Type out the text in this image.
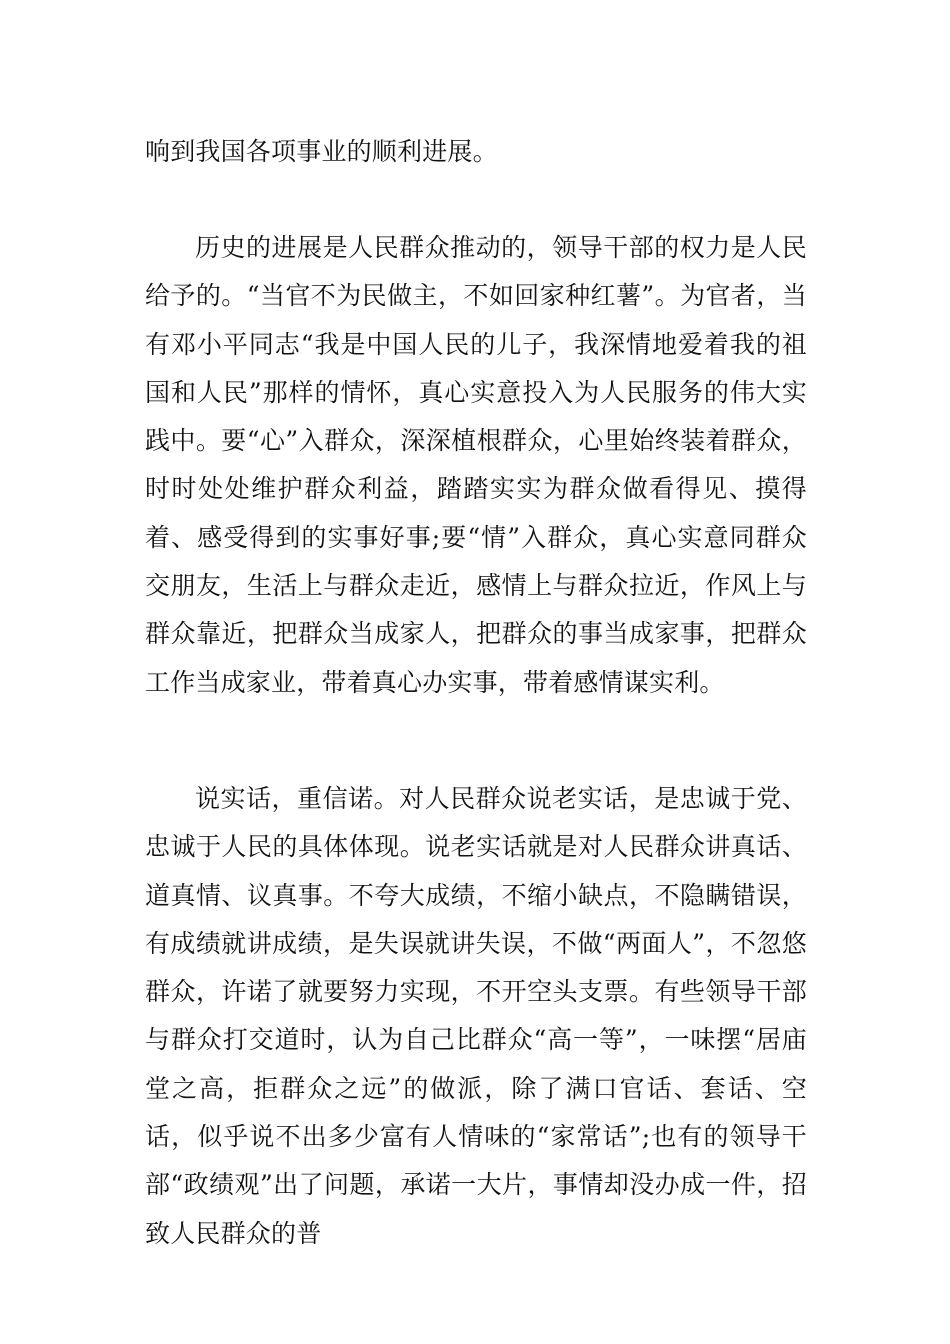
响到我国各项事业的顺利进展。

历史的进展是人民群众推动的，领导干部的权力是人民给予的。“当官不为民做主，不如回家种红薯”。为官者，当有邓小平同志“我是中国人民的儿子，我深情地爱着我的祖国和人民”那样的情怀，真心实意投入为人民服务的伟大实践中。要“心”入群众，深深植根群众，心里始终装着群众，时时处处维护群众利益，踏踏实实为群众做看得见、摸得着、感受得到的实事好事;要“情”入群众，真心实意同群众交朋友，生活上与群众走近，感情上与群众拉近，作风上与群众靠近，把群众当成家人，把群众的事当成家事，把群众工作当成家业，带着真心办实事，带着感情谋实利。

说实话，重信诺。对人民群众说老实话，是忠诚于党、忠诚于人民的具体体现。说老实话就是对人民群众讲真话、道真情、议真事。不夸大成绩，不缩小缺点，不隐瞒错误，有成绩就讲成绩，是失误就讲失误，不做“两面人”，不忽悠群众，许诺了就要努力实现，不开空头支票。有些领导干部与群众打交道时，认为自己比群众“高一等”，一味摆“居庙堂之高，拒群众之远”的做派，除了满口官话、套话、空话，似乎说不出多少富有人情味的“家常话”;也有的领导干部“政绩观”出了问题，承诺一大片，事情却没办成一件，招致人民群众的普
